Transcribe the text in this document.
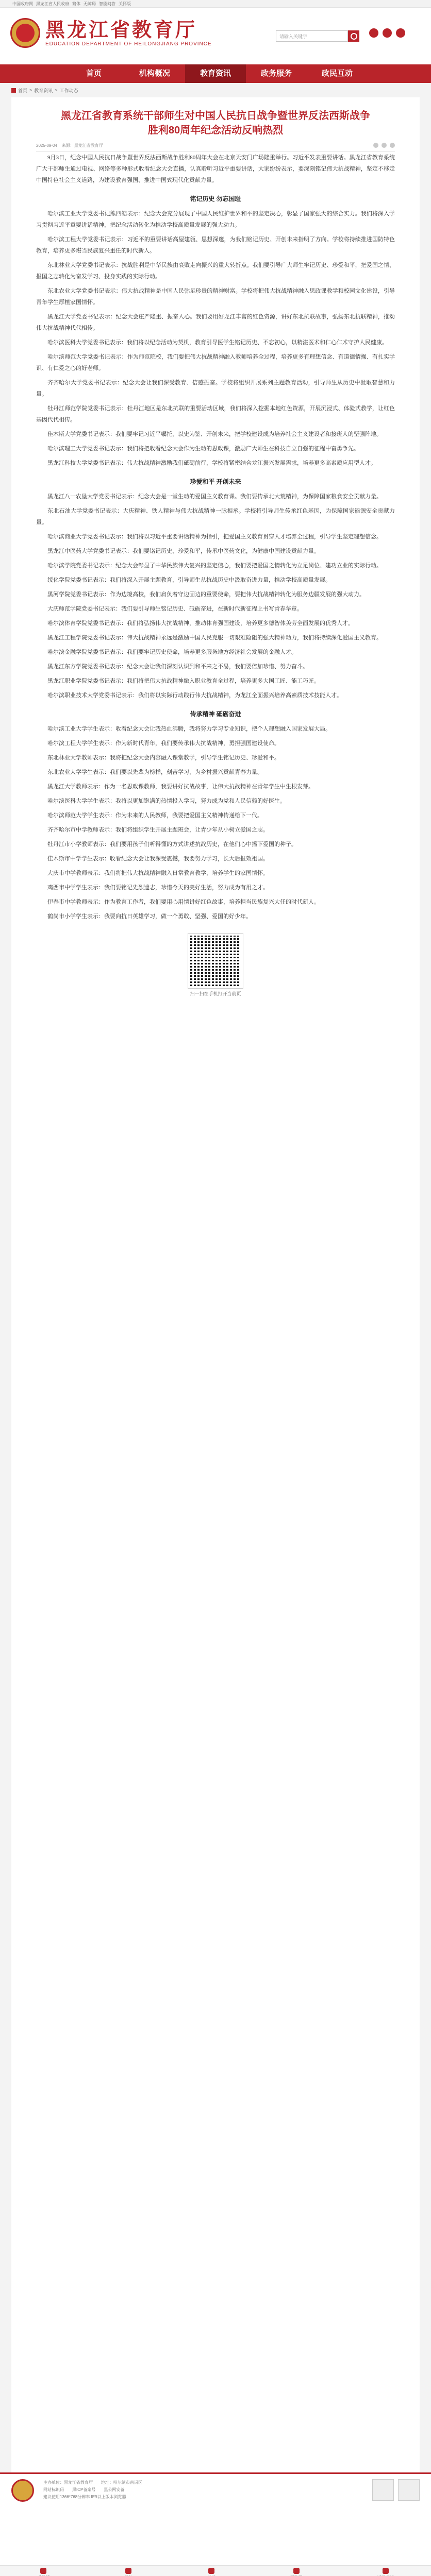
中国政府网 黑龙江省人民政府 繁体 无障碍 智能问答 关怀版
黑龙江省教育厅
EDUCATION DEPARTMENT OF HEILONGJIANG PROVINCE
请输入关键字
首页	机构概况	教育资讯	政务服务	政民互动
首页 > 教育资讯 > 工作动态
黑龙江省教育系统干部师生对中国人民抗日战争暨世界反法西斯战争胜利80周年纪念活动反响热烈
2025-09-04 来源：黑龙江省教育厅

9月3日，纪念中国人民抗日战争暨世界反法西斯战争胜利80周年大会在北京天安门广场隆重举行。习近平发表重要讲话。黑龙江省教育系统广大干部师生通过电视、网络等多种形式收看纪念大会直播，认真聆听习近平重要讲话，大家纷纷表示，要深刻铭记伟大抗战精神，坚定不移走中国特色社会主义道路，为建设教育强国、推进中国式现代化贡献力量。

铭记历史 勿忘国耻

哈尔滨工业大学党委书记熊四皓表示：纪念大会充分展现了中国人民维护世界和平的坚定决心，彰显了国家强大的综合实力。我们将深入学习贯彻习近平重要讲话精神，把纪念活动转化为推动学校高质量发展的强大动力。

哈尔滨工程大学党委书记表示：习近平的重要讲话高屋建瓴、思想深邃，为我们铭记历史、开创未来指明了方向。学校将持续推进国防特色教育，培养更多堪当民族复兴重任的时代新人。

东北林业大学党委书记表示：抗战胜利是中华民族由衰败走向振兴的重大转折点。我们要引导广大师生牢记历史、珍爱和平，把爱国之情、报国之志转化为奋发学习、投身实践的实际行动。

东北农业大学党委书记表示：伟大抗战精神是中国人民弥足珍贵的精神财富。学校将把伟大抗战精神融入思政课教学和校园文化建设，引导青年学生厚植家国情怀。

黑龙江大学党委书记表示：纪念大会庄严隆重、振奋人心。我们要用好龙江丰富的红色资源，讲好东北抗联故事，弘扬东北抗联精神，推动伟大抗战精神代代相传。

哈尔滨医科大学党委书记表示：我们将以纪念活动为契机，教育引导医学生铭记历史、不忘初心，以精湛医术和仁心仁术守护人民健康。

哈尔滨师范大学党委书记表示：作为师范院校，我们要把伟大抗战精神融入教师培养全过程，培养更多有理想信念、有道德情操、有扎实学识、有仁爱之心的好老师。

齐齐哈尔大学党委书记表示：纪念大会让我们深受教育、倍感振奋。学校将组织开展系列主题教育活动，引导师生从历史中汲取智慧和力量。

牡丹江师范学院党委书记表示：牡丹江地区是东北抗联的重要活动区域，我们将深入挖掘本地红色资源，开展沉浸式、体验式教学，让红色基因代代相传。

佳木斯大学党委书记表示：我们要牢记习近平嘱托，以史为鉴、开创未来，把学校建设成为培养社会主义建设者和接班人的坚强阵地。

哈尔滨理工大学党委书记表示：我们将把收看纪念大会作为生动的思政课，激励广大师生在科技自立自强的征程中奋勇争先。

黑龙江科技大学党委书记表示：伟大抗战精神激励我们砥砺前行，学校将紧密结合龙江振兴发展需求，培养更多高素质应用型人才。

珍爱和平 开创未来

黑龙江八一农垦大学党委书记表示：纪念大会是一堂生动的爱国主义教育课。我们要传承北大荒精神，为保障国家粮食安全贡献力量。

东北石油大学党委书记表示：大庆精神、铁人精神与伟大抗战精神一脉相承。学校将引导师生传承红色基因，为保障国家能源安全贡献力量。

哈尔滨商业大学党委书记表示：我们将以习近平重要讲话精神为指引，把爱国主义教育贯穿人才培养全过程，引导学生坚定理想信念。

黑龙江中医药大学党委书记表示：我们要铭记历史、珍爱和平，传承中医药文化，为健康中国建设贡献力量。

哈尔滨学院党委书记表示：纪念大会彰显了中华民族伟大复兴的坚定信心，我们要把爱国之情转化为立足岗位、建功立业的实际行动。

绥化学院党委书记表示：我们将深入开展主题教育，引导师生从抗战历史中汲取奋进力量，推动学校高质量发展。

黑河学院党委书记表示：作为边境高校，我们肩负着守边固边的重要使命，要把伟大抗战精神转化为服务边疆发展的强大动力。

大庆师范学院党委书记表示：我们要引导师生铭记历史、砥砺奋进，在新时代新征程上书写青春华章。

哈尔滨体育学院党委书记表示：我们将弘扬伟大抗战精神，推动体育强国建设，培养更多德智体美劳全面发展的优秀人才。

黑龙江工程学院党委书记表示：伟大抗战精神永远是激励中国人民克服一切艰难险阻的强大精神动力，我们将持续深化爱国主义教育。

哈尔滨金融学院党委书记表示：我们要牢记历史使命，培养更多服务地方经济社会发展的金融人才。

黑龙江东方学院党委书记表示：纪念大会让我们深刻认识到和平来之不易，我们要倍加珍惜、努力奋斗。

黑龙江职业学院党委书记表示：我们将把伟大抗战精神融入职业教育全过程，培养更多大国工匠、能工巧匠。

哈尔滨职业技术大学党委书记表示：我们将以实际行动践行伟大抗战精神，为龙江全面振兴培养高素质技术技能人才。

传承精神 砥砺奋进

哈尔滨工业大学学生表示：收看纪念大会让我热血沸腾，我将努力学习专业知识，把个人理想融入国家发展大局。

哈尔滨工程大学学生表示：作为新时代青年，我们要传承伟大抗战精神，勇担强国建设使命。

东北林业大学教师表示：我将把纪念大会内容融入课堂教学，引导学生铭记历史、珍爱和平。

东北农业大学学生表示：我们要以先辈为榜样，刻苦学习，为乡村振兴贡献青春力量。

黑龙江大学教师表示：作为一名思政课教师，我要讲好抗战故事，让伟大抗战精神在青年学生中生根发芽。

哈尔滨医科大学学生表示：我将以更加饱满的热情投入学习，努力成为党和人民信赖的好医生。

哈尔滨师范大学学生表示：作为未来的人民教师，我要把爱国主义精神传递给下一代。

齐齐哈尔市中学教师表示：我们将组织学生开展主题班会，让青少年从小树立爱国之志。

牡丹江市小学教师表示：我们要用孩子们听得懂的方式讲述抗战历史，在他们心中播下爱国的种子。

佳木斯市中学学生表示：收看纪念大会让我深受震撼，我要努力学习，长大后报效祖国。

大庆市中学教师表示：我们将把伟大抗战精神融入日常教育教学，培养学生的家国情怀。

鸡西市中学学生表示：我们要铭记先烈遗志，珍惜今天的美好生活，努力成为有用之才。

伊春市中学教师表示：作为教育工作者，我们要用心用情讲好红色故事，培养担当民族复兴大任的时代新人。

鹤岗市小学学生表示：我要向抗日英雄学习，做一个勇敢、坚强、爱国的好少年。

扫一扫在手机打开当前页
主办单位：黑龙江省教育厅　　地址：哈尔滨市南岗区
网站标识码　　黑ICP备案号　　黑公网安备
建议使用1366*768分辨率 IE9以上版本浏览器
